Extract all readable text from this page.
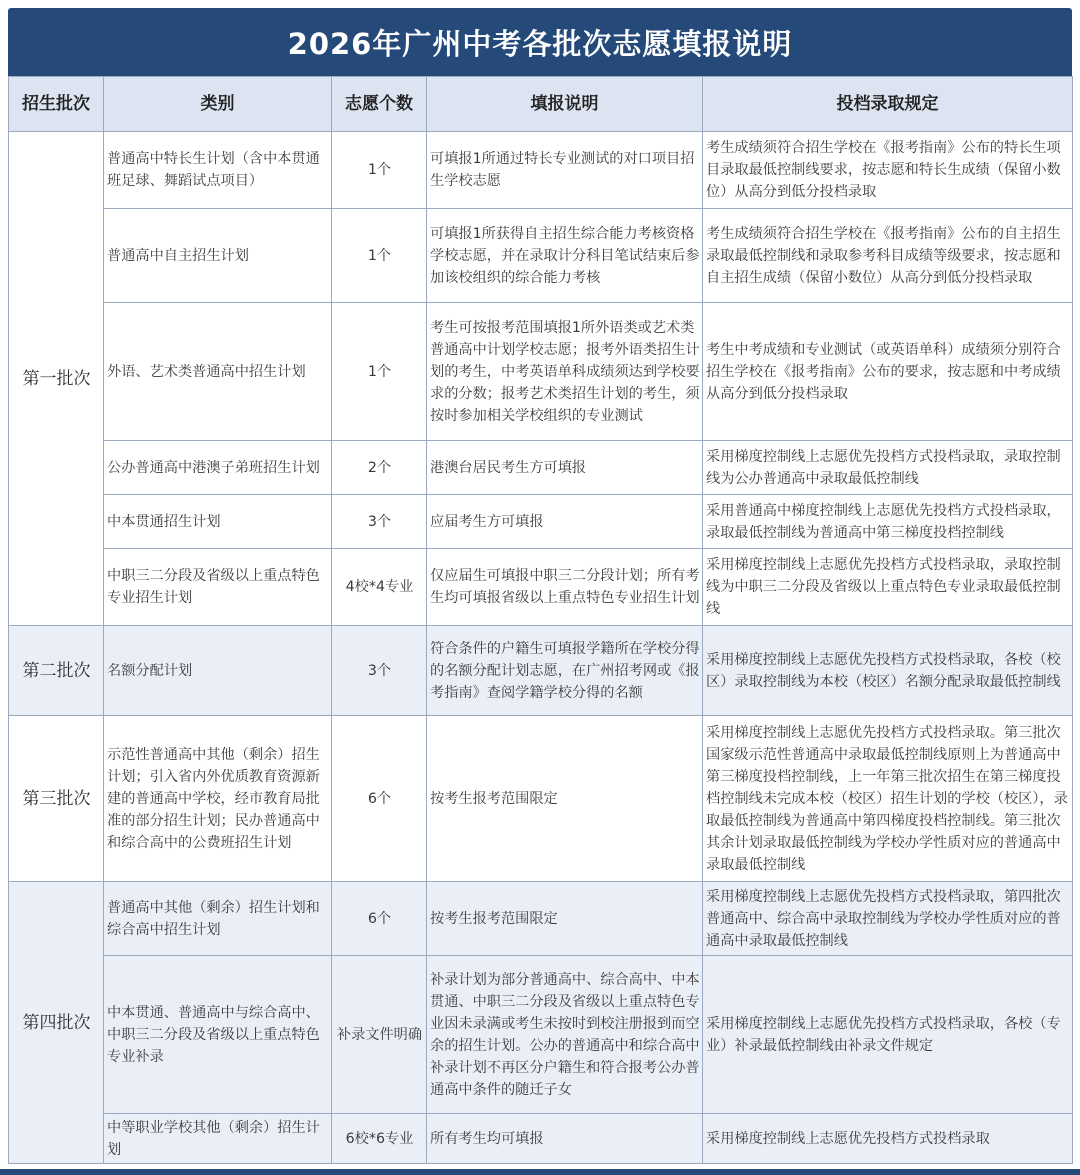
2026年广州中考各批次志愿填报说明
招生批次	类别	志愿个数	填报说明	投档录取规定
第一批次	普通高中特长生计划（含中本贯通班足球、舞蹈试点项目）	1个	可填报1所通过特长专业测试的对口项目招生学校志愿	考生成绩须符合招生学校在《报考指南》公布的特长生项目录取最低控制线要求，按志愿和特长生成绩（保留小数位）从高分到低分投档录取
	普通高中自主招生计划	1个	可填报1所获得自主招生综合能力考核资格学校志愿，并在录取计分科目笔试结束后参加该校组织的综合能力考核	考生成绩须符合招生学校在《报考指南》公布的自主招生录取最低控制线和录取参考科目成绩等级要求，按志愿和自主招生成绩（保留小数位）从高分到低分投档录取
	外语、艺术类普通高中招生计划	1个	考生可按报考范围填报1所外语类或艺术类普通高中计划学校志愿；报考外语类招生计划的考生，中考英语单科成绩须达到学校要求的分数；报考艺术类招生计划的考生，须按时参加相关学校组织的专业测试	考生中考成绩和专业测试（或英语单科）成绩须分别符合招生学校在《报考指南》公布的要求，按志愿和中考成绩从高分到低分投档录取
	公办普通高中港澳子弟班招生计划	2个	港澳台居民考生方可填报	采用梯度控制线上志愿优先投档方式投档录取，录取控制线为公办普通高中录取最低控制线
	中本贯通招生计划	3个	应届考生方可填报	采用普通高中梯度控制线上志愿优先投档方式投档录取，录取最低控制线为普通高中第三梯度投档控制线
	中职三二分段及省级以上重点特色专业招生计划	4校*4专业	仅应届生可填报中职三二分段计划；所有考生均可填报省级以上重点特色专业招生计划	采用梯度控制线上志愿优先投档方式投档录取，录取控制线为中职三二分段及省级以上重点特色专业录取最低控制线
第二批次	名额分配计划	3个	符合条件的户籍生可填报学籍所在学校分得的名额分配计划志愿，在广州招考网或《报考指南》查阅学籍学校分得的名额	采用梯度控制线上志愿优先投档方式投档录取，各校（校区）录取控制线为本校（校区）名额分配录取最低控制线
第三批次	示范性普通高中其他（剩余）招生计划；引入省内外优质教育资源新建的普通高中学校，经市教育局批准的部分招生计划；民办普通高中和综合高中的公费班招生计划	6个	按考生报考范围限定	采用梯度控制线上志愿优先投档方式投档录取。第三批次国家级示范性普通高中录取最低控制线原则上为普通高中第三梯度投档控制线，上一年第三批次招生在第三梯度投档控制线未完成本校（校区）招生计划的学校（校区），录取最低控制线为普通高中第四梯度投档控制线。第三批次其余计划录取最低控制线为学校办学性质对应的普通高中录取最低控制线
第四批次	普通高中其他（剩余）招生计划和综合高中招生计划	6个	按考生报考范围限定	采用梯度控制线上志愿优先投档方式投档录取，第四批次普通高中、综合高中录取控制线为学校办学性质对应的普通高中录取最低控制线
	中本贯通、普通高中与综合高中、中职三二分段及省级以上重点特色专业补录	补录文件明确	补录计划为部分普通高中、综合高中、中本贯通、中职三二分段及省级以上重点特色专业因未录满或考生未按时到校注册报到而空余的招生计划。公办的普通高中和综合高中补录计划不再区分户籍生和符合报考公办普通高中条件的随迁子女	采用梯度控制线上志愿优先投档方式投档录取，各校（专业）补录最低控制线由补录文件规定
	中等职业学校其他（剩余）招生计划	6校*6专业	所有考生均可填报	采用梯度控制线上志愿优先投档方式投档录取
